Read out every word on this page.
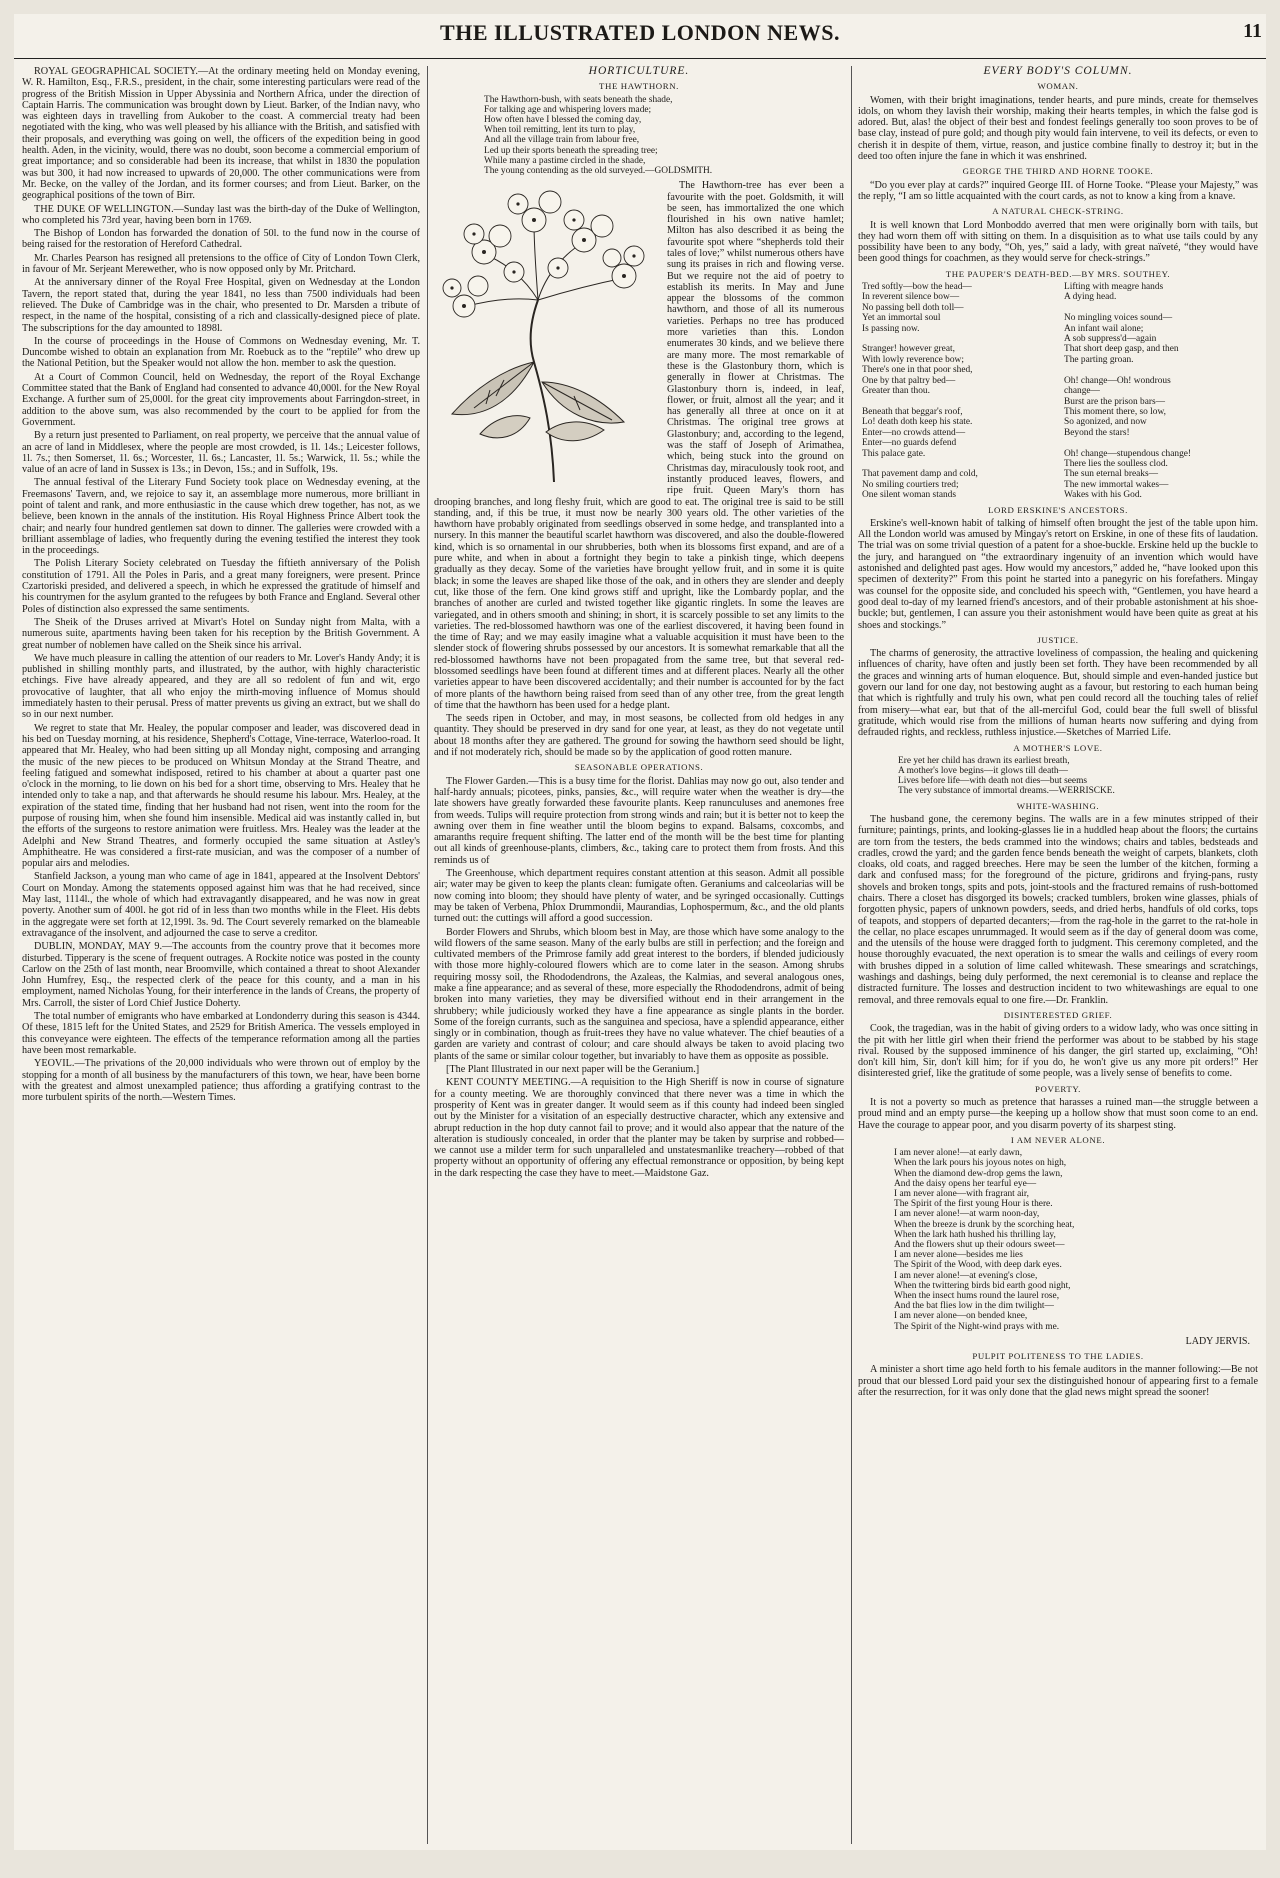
THE ILLUSTRATED LONDON NEWS.	11

ROYAL GEOGRAPHICAL SOCIETY.—At the ordinary meeting held on Monday evening, W. R. Hamilton, Esq., F.R.S., president, in the chair, some interesting particulars were read of the progress of the British Mission in Upper Abyssinia and Northern Africa, under the direction of Captain Harris. The communication was brought down by Lieut. Barker, of the Indian navy, who was eighteen days in travelling from Aukober to the coast. A commercial treaty had been negotiated with the king, who was well pleased by his alliance with the British, and satisfied with their proposals, and everything was going on well, the officers of the expedition being in good health. Aden, in the vicinity, would, there was no doubt, soon become a commercial emporium of great importance; and so considerable had been its increase, that whilst in 1830 the population was but 300, it had now increased to upwards of 20,000. The other communications were from Mr. Becke, on the valley of the Jordan, and its former courses; and from Lieut. Barker, on the geographical positions of the town of Birr.

THE DUKE OF WELLINGTON.—Sunday last was the birth-day of the Duke of Wellington, who completed his 73rd year, having been born in 1769.

The Bishop of London has forwarded the donation of 50l. to the fund now in the course of being raised for the restoration of Hereford Cathedral.

Mr. Charles Pearson has resigned all pretensions to the office of City of London Town Clerk, in favour of Mr. Serjeant Merewether, who is now opposed only by Mr. Pritchard.

At the anniversary dinner of the Royal Free Hospital, given on Wednesday at the London Tavern, the report stated that, during the year 1841, no less than 7500 individuals had been relieved. The Duke of Cambridge was in the chair, who presented to Dr. Marsden a tribute of respect, in the name of the hospital, consisting of a rich and classically-designed piece of plate. The subscriptions for the day amounted to 1898l.

In the course of proceedings in the House of Commons on Wednesday evening, Mr. T. Duncombe wished to obtain an explanation from Mr. Roebuck as to the “reptile” who drew up the National Petition, but the Speaker would not allow the hon. member to ask the question.

At a Court of Common Council, held on Wednesday, the report of the Royal Exchange Committee stated that the Bank of England had consented to advance 40,000l. for the New Royal Exchange. A further sum of 25,000l. for the great city improvements about Farringdon-street, in addition to the above sum, was also recommended by the court to be applied for from the Government.

By a return just presented to Parliament, on real property, we perceive that the annual value of an acre of land in Middlesex, where the people are most crowded, is 1l. 14s.; Leicester follows, 1l. 7s.; then Somerset, 1l. 6s.; Worcester, 1l. 6s.; Lancaster, 1l. 5s.; Warwick, 1l. 5s.; while the value of an acre of land in Sussex is 13s.; in Devon, 15s.; and in Suffolk, 19s.

The annual festival of the Literary Fund Society took place on Wednesday evening, at the Freemasons' Tavern, and, we rejoice to say it, an assemblage more numerous, more brilliant in point of talent and rank, and more enthusiastic in the cause which drew together, has not, as we believe, been known in the annals of the institution. His Royal Highness Prince Albert took the chair; and nearly four hundred gentlemen sat down to dinner. The galleries were crowded with a brilliant assemblage of ladies, who frequently during the evening testified the interest they took in the proceedings.

The Polish Literary Society celebrated on Tuesday the fiftieth anniversary of the Polish constitution of 1791. All the Poles in Paris, and a great many foreigners, were present. Prince Czartoriski presided, and delivered a speech, in which he expressed the gratitude of himself and his countrymen for the asylum granted to the refugees by both France and England. Several other Poles of distinction also expressed the same sentiments.

The Sheik of the Druses arrived at Mivart's Hotel on Sunday night from Malta, with a numerous suite, apartments having been taken for his reception by the British Government. A great number of noblemen have called on the Sheik since his arrival.

We have much pleasure in calling the attention of our readers to Mr. Lover's Handy Andy; it is published in shilling monthly parts, and illustrated, by the author, with highly characteristic etchings. Five have already appeared, and they are all so redolent of fun and wit, ergo provocative of laughter, that all who enjoy the mirth-moving influence of Momus should immediately hasten to their perusal. Press of matter prevents us giving an extract, but we shall do so in our next number.

We regret to state that Mr. Healey, the popular composer and leader, was discovered dead in his bed on Tuesday morning, at his residence, Shepherd's Cottage, Vine-terrace, Waterloo-road. It appeared that Mr. Healey, who had been sitting up all Monday night, composing and arranging the music of the new pieces to be produced on Whitsun Monday at the Strand Theatre, and feeling fatigued and somewhat indisposed, retired to his chamber at about a quarter past one o'clock in the morning, to lie down on his bed for a short time, observing to Mrs. Healey that he intended only to take a nap, and that afterwards he should resume his labour. Mrs. Healey, at the expiration of the stated time, finding that her husband had not risen, went into the room for the purpose of rousing him, when she found him insensible. Medical aid was instantly called in, but the efforts of the surgeons to restore animation were fruitless. Mrs. Healey was the leader at the Adelphi and New Strand Theatres, and formerly occupied the same situation at Astley's Amphitheatre. He was considered a first-rate musician, and was the composer of a number of popular airs and melodies.

Stanfield Jackson, a young man who came of age in 1841, appeared at the Insolvent Debtors' Court on Monday. Among the statements opposed against him was that he had received, since May last, 1114l., the whole of which had extravagantly disappeared, and he was now in great poverty. Another sum of 400l. he got rid of in less than two months while in the Fleet. His debts in the aggregate were set forth at 12,199l. 3s. 9d. The Court severely remarked on the blameable extravagance of the insolvent, and adjourned the case to serve a creditor.

DUBLIN, MONDAY, MAY 9.—The accounts from the country prove that it becomes more disturbed. Tipperary is the scene of frequent outrages. A Rockite notice was posted in the county Carlow on the 25th of last month, near Broomville, which contained a threat to shoot Alexander John Humfrey, Esq., the respected clerk of the peace for this county, and a man in his employment, named Nicholas Young, for their interference in the lands of Creans, the property of Mrs. Carroll, the sister of Lord Chief Justice Doherty.

The total number of emigrants who have embarked at Londonderry during this season is 4344. Of these, 1815 left for the United States, and 2529 for British America. The vessels employed in this conveyance were eighteen. The effects of the temperance reformation among all the parties have been most remarkable.

YEOVIL.—The privations of the 20,000 individuals who were thrown out of employ by the stopping for a month of all business by the manufacturers of this town, we hear, have been borne with the greatest and almost unexampled patience; thus affording a gratifying contrast to the more turbulent spirits of the north.—Western Times.

HORTICULTURE.
THE HAWTHORN.
The Hawthorn-bush, with seats beneath the shade,
For talking age and whispering lovers made;
How often have I blessed the coming day,
When toil remitting, lent its turn to play,
And all the village train from labour free,
Led up their sports beneath the spreading tree;
While many a pastime circled in the shade,
The young contending as the old surveyed.—GOLDSMITH.

The Hawthorn-tree has ever been a favourite with the poet. Goldsmith, it will be seen, has immortalized the one which flourished in his own native hamlet; Milton has also described it as being the favourite spot where “shepherds told their tales of love;” whilst numerous others have sung its praises in rich and flowing verse. But we require not the aid of poetry to establish its merits. In May and June appear the blossoms of the common hawthorn, and those of all its numerous varieties. Perhaps no tree has produced more varieties than this. London enumerates 30 kinds, and we believe there are many more. The most remarkable of these is the Glastonbury thorn, which is generally in flower at Christmas. The Glastonbury thorn is, indeed, in leaf, flower, or fruit, almost all the year; and it has generally all three at once on it at Christmas. The original tree grows at Glastonbury; and, according to the legend, was the staff of Joseph of Arimathea, which, being stuck into the ground on Christmas day, miraculously took root, and instantly produced leaves, flowers, and ripe fruit. Queen Mary's thorn has drooping branches, and long fleshy fruit, which are good to eat. The original tree is said to be still standing, and, if this be true, it must now be nearly 300 years old. The other varieties of the hawthorn have probably originated from seedlings observed in some hedge, and transplanted into a nursery. In this manner the beautiful scarlet hawthorn was discovered, and also the double-flowered kind, which is so ornamental in our shrubberies, both when its blossoms first expand, and are of a pure white, and when in about a fortnight they begin to take a pinkish tinge, which deepens gradually as they decay. Some of the varieties have brought yellow fruit, and in some it is quite black; in some the leaves are shaped like those of the oak, and in others they are slender and deeply cut, like those of the fern. One kind grows stiff and upright, like the Lombardy poplar, and the branches of another are curled and twisted together like gigantic ringlets. In some the leaves are variegated, and in others smooth and shining; in short, it is scarcely possible to set any limits to the varieties. The red-blossomed hawthorn was one of the earliest discovered, it having been found in the time of Ray; and we may easily imagine what a valuable acquisition it must have been to the slender stock of flowering shrubs possessed by our ancestors. It is somewhat remarkable that all the red-blossomed hawthorns have not been propagated from the same tree, but that several red-blossomed seedlings have been found at different times and at different places. Nearly all the other varieties appear to have been discovered accidentally; and their number is accounted for by the fact of more plants of the hawthorn being raised from seed than of any other tree, from the great length of time that the hawthorn has been used for a hedge plant.

The seeds ripen in October, and may, in most seasons, be collected from old hedges in any quantity. They should be preserved in dry sand for one year, at least, as they do not vegetate until about 18 months after they are gathered. The ground for sowing the hawthorn seed should be light, and if not moderately rich, should be made so by the application of good rotten manure.

SEASONABLE OPERATIONS.

The Flower Garden.—This is a busy time for the florist. Dahlias may now go out, also tender and half-hardy annuals; picotees, pinks, pansies, &c., will require water when the weather is dry—the late showers have greatly forwarded these favourite plants. Keep ranunculuses and anemones free from weeds. Tulips will require protection from strong winds and rain; but it is better not to keep the awning over them in fine weather until the bloom begins to expand. Balsams, coxcombs, and amaranths require frequent shifting. The latter end of the month will be the best time for planting out all kinds of greenhouse-plants, climbers, &c., taking care to protect them from frosts. And this reminds us of

The Greenhouse, which department requires constant attention at this season. Admit all possible air; water may be given to keep the plants clean: fumigate often. Geraniums and calceolarias will be now coming into bloom; they should have plenty of water, and be syringed occasionally. Cuttings may be taken of Verbena, Phlox Drummondii, Maurandias, Lophospermum, &c., and the old plants turned out: the cuttings will afford a good succession.

Border Flowers and Shrubs, which bloom best in May, are those which have some analogy to the wild flowers of the same season. Many of the early bulbs are still in perfection; and the foreign and cultivated members of the Primrose family add great interest to the borders, if blended judiciously with those more highly-coloured flowers which are to come later in the season. Among shrubs requiring mossy soil, the Rhododendrons, the Azaleas, the Kalmias, and several analogous ones, make a fine appearance; and as several of these, more especially the Rhododendrons, admit of being broken into many varieties, they may be diversified without end in their arrangement in the shrubbery; while judiciously worked they have a fine appearance as single plants in the border. Some of the foreign currants, such as the sanguinea and speciosa, have a splendid appearance, either singly or in combination, though as fruit-trees they have no value whatever. The chief beauties of a garden are variety and contrast of colour; and care should always be taken to avoid placing two plants of the same or similar colour together, but invariably to have them as opposite as possible.

[The Plant Illustrated in our next paper will be the Geranium.]

KENT COUNTY MEETING.—A requisition to the High Sheriff is now in course of signature for a county meeting. We are thoroughly convinced that there never was a time in which the prosperity of Kent was in greater danger. It would seem as if this county had indeed been singled out by the Minister for a visitation of an especially destructive character, which any extensive and abrupt reduction in the hop duty cannot fail to prove; and it would also appear that the nature of the alteration is studiously concealed, in order that the planter may be taken by surprise and robbed—we cannot use a milder term for such unparalleled and unstatesmanlike treachery—robbed of that property without an opportunity of offering any effectual remonstrance or opposition, by being kept in the dark respecting the case they have to meet.—Maidstone Gaz.

EVERY BODY'S COLUMN.
WOMAN.

Women, with their bright imaginations, tender hearts, and pure minds, create for themselves idols, on whom they lavish their worship, making their hearts temples, in which the false god is adored. But, alas! the object of their best and fondest feelings generally too soon proves to be of base clay, instead of pure gold; and though pity would fain intervene, to veil its defects, or even to cherish it in despite of them, virtue, reason, and justice combine finally to destroy it; but in the deed too often injure the fane in which it was enshrined.

GEORGE THE THIRD AND HORNE TOOKE.

“Do you ever play at cards?” inquired George III. of Horne Tooke. “Please your Majesty,” was the reply, “I am so little acquainted with the court cards, as not to know a king from a knave.

A NATURAL CHECK-STRING.

It is well known that Lord Monboddo averred that men were originally born with tails, but they had worn them off with sitting on them. In a disquisition as to what use tails could by any possibility have been to any body, “Oh, yes,” said a lady, with great naïveté, “they would have been good things for coachmen, as they would serve for check-strings.”

THE PAUPER'S DEATH-BED.—BY MRS. SOUTHEY.
Tred softly—bow the head—
In reverent silence bow—
No passing bell doth toll—
Yet an immortal soul
Is passing now.

Stranger! however great,
With lowly reverence bow;
There's one in that poor shed,
One by that paltry bed—
Greater than thou.

Beneath that beggar's roof,
Lo! death doth keep his state.
Enter—no crowds attend—
Enter—no guards defend
This palace gate.

That pavement damp and cold,
No smiling courtiers tred;
One silent woman stands
Lifting with meagre hands
A dying head.

No mingling voices sound—
An infant wail alone;
A sob suppress'd—again
That short deep gasp, and then
The parting groan.

Oh! change—Oh! wondrous
change—
Burst are the prison bars—
This moment there, so low,
So agonized, and now
Beyond the stars!

Oh! change—stupendous change!
There lies the soulless clod.
The sun eternal breaks—
The new immortal wakes—
Wakes with his God.
LORD ERSKINE'S ANCESTORS.

Erskine's well-known habit of talking of himself often brought the jest of the table upon him. All the London world was amused by Mingay's retort on Erskine, in one of these fits of laudation. The trial was on some trivial question of a patent for a shoe-buckle. Erskine held up the buckle to the jury, and harangued on “the extraordinary ingenuity of an invention which would have astonished and delighted past ages. How would my ancestors,” added he, “have looked upon this specimen of dexterity?” From this point he started into a panegyric on his forefathers. Mingay was counsel for the opposite side, and concluded his speech with, “Gentlemen, you have heard a good deal to-day of my learned friend's ancestors, and of their probable astonishment at his shoe-buckle; but, gentlemen, I can assure you their astonishment would have been quite as great at his shoes and stockings.”

JUSTICE.

The charms of generosity, the attractive loveliness of compassion, the healing and quickening influences of charity, have often and justly been set forth. They have been recommended by all the graces and winning arts of human eloquence. But, should simple and even-handed justice but govern our land for one day, not bestowing aught as a favour, but restoring to each human being that which is rightfully and truly his own, what pen could record all the touching tales of relief from misery—what ear, but that of the all-merciful God, could bear the full swell of blissful gratitude, which would rise from the millions of human hearts now suffering and dying from defrauded rights, and reckless, ruthless injustice.—Sketches of Married Life.

A MOTHER'S LOVE.
Ere yet her child has drawn its earliest breath,
A mother's love begins—it glows till death—
Lives before life—with death not dies—but seems
The very substance of immortal dreams.—WERRISCKE.
WHITE-WASHING.

The husband gone, the ceremony begins. The walls are in a few minutes stripped of their furniture; paintings, prints, and looking-glasses lie in a huddled heap about the floors; the curtains are torn from the testers, the beds crammed into the windows; chairs and tables, bedsteads and cradles, crowd the yard; and the garden fence bends beneath the weight of carpets, blankets, cloth cloaks, old coats, and ragged breeches. Here may be seen the lumber of the kitchen, forming a dark and confused mass; for the foreground of the picture, gridirons and frying-pans, rusty shovels and broken tongs, spits and pots, joint-stools and the fractured remains of rush-bottomed chairs. There a closet has disgorged its bowels; cracked tumblers, broken wine glasses, phials of forgotten physic, papers of unknown powders, seeds, and dried herbs, handfuls of old corks, tops of teapots, and stoppers of departed decanters;—from the rag-hole in the garret to the rat-hole in the cellar, no place escapes unrummaged. It would seem as if the day of general doom was come, and the utensils of the house were dragged forth to judgment. This ceremony completed, and the house thoroughly evacuated, the next operation is to smear the walls and ceilings of every room with brushes dipped in a solution of lime called whitewash. These smearings and scratchings, washings and dashings, being duly performed, the next ceremonial is to cleanse and replace the distracted furniture. The losses and destruction incident to two whitewashings are equal to one removal, and three removals equal to one fire.—Dr. Franklin.

DISINTERESTED GRIEF.

Cook, the tragedian, was in the habit of giving orders to a widow lady, who was once sitting in the pit with her little girl when their friend the performer was about to be stabbed by his stage rival. Roused by the supposed imminence of his danger, the girl started up, exclaiming, “Oh! don't kill him, Sir, don't kill him; for if you do, he won't give us any more pit orders!” Her disinterested grief, like the gratitude of some people, was a lively sense of benefits to come.

POVERTY.

It is not a poverty so much as pretence that harasses a ruined man—the struggle between a proud mind and an empty purse—the keeping up a hollow show that must soon come to an end. Have the courage to appear poor, and you disarm poverty of its sharpest sting.

I AM NEVER ALONE.
I am never alone!—at early dawn,
When the lark pours his joyous notes on high,
When the diamond dew-drop gems the lawn,
And the daisy opens her tearful eye—
I am never alone—with fragrant air,
The Spirit of the first young Hour is there.
I am never alone!—at warm noon-day,
When the breeze is drunk by the scorching heat,
When the lark hath hushed his thrilling lay,
And the flowers shut up their odours sweet—
I am never alone—besides me lies
The Spirit of the Wood, with deep dark eyes.
I am never alone!—at evening's close,
When the twittering birds bid earth good night,
When the insect hums round the laurel rose,
And the bat flies low in the dim twilight—
I am never alone—on bended knee,
The Spirit of the Night-wind prays with me.
LADY JERVIS.
PULPIT POLITENESS TO THE LADIES.

A minister a short time ago held forth to his female auditors in the manner following:—Be not proud that our blessed Lord paid your sex the distinguished honour of appearing first to a female after the resurrection, for it was only done that the glad news might spread the sooner!
